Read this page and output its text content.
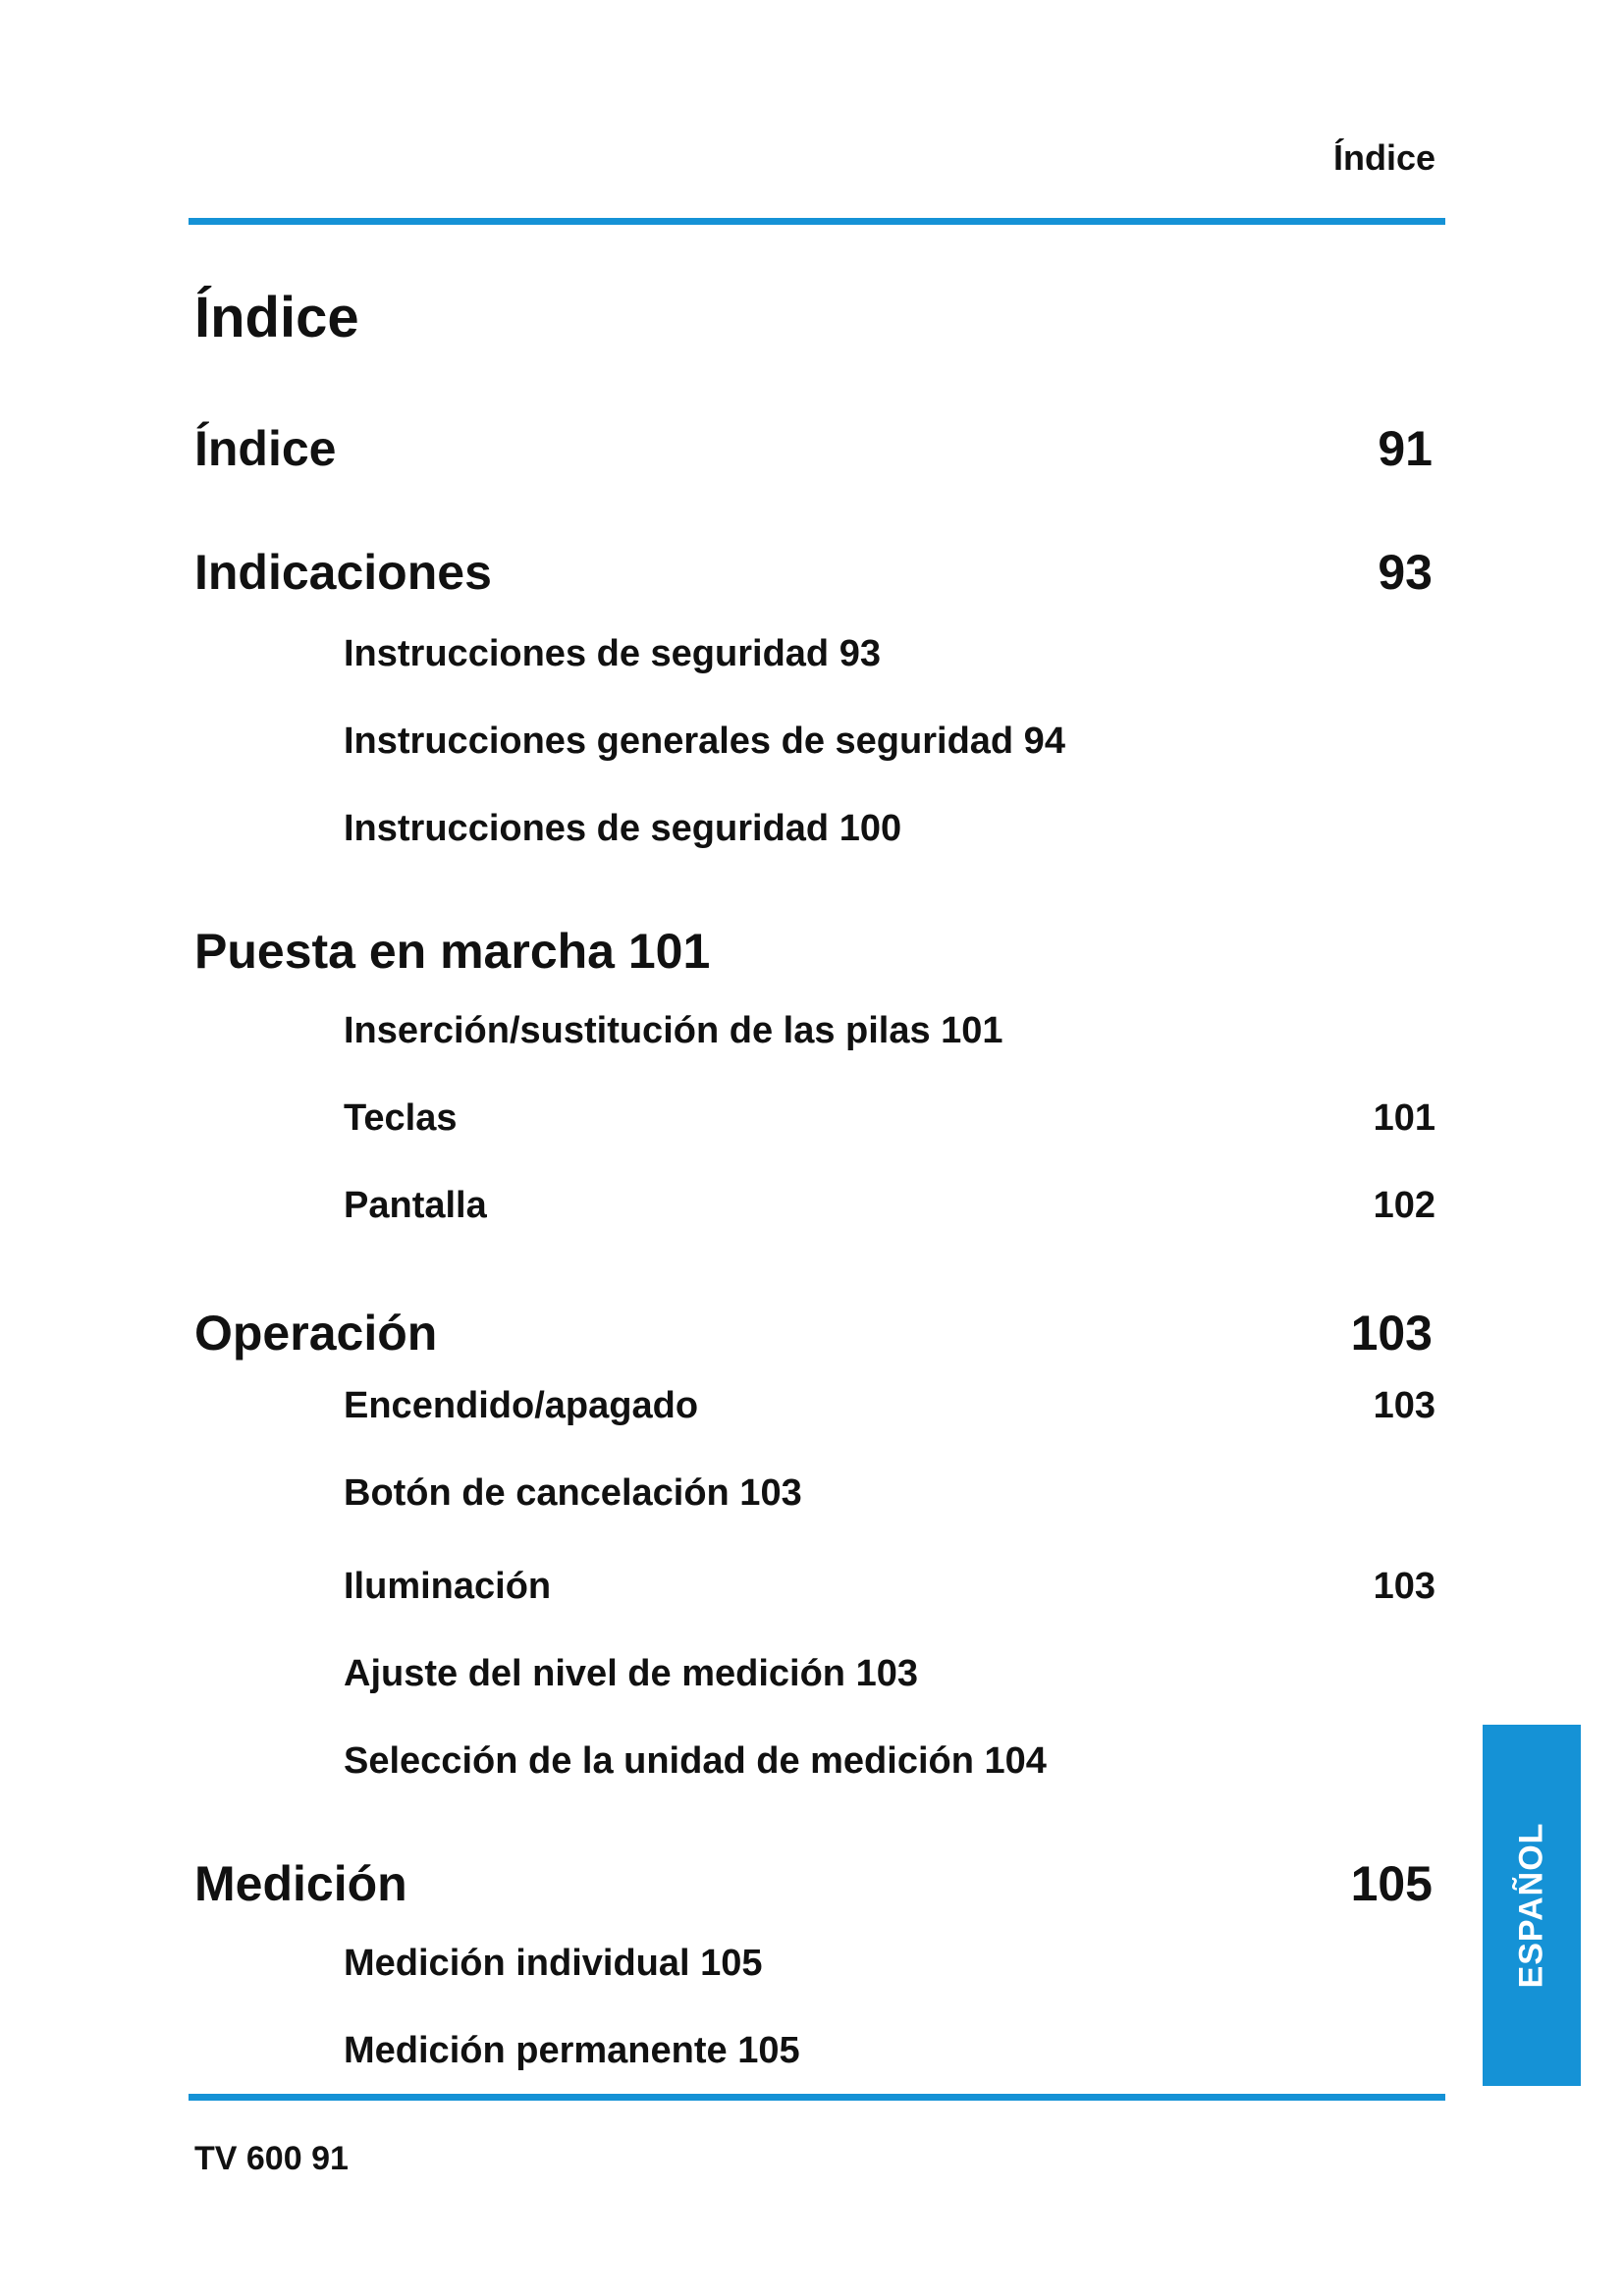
Índice
Índice
Índice	91
Indicaciones	93
Instrucciones de seguridad 93
Instrucciones generales de seguridad 94
Instrucciones de seguridad 100
Puesta en marcha 101
Inserción/sustitución de las pilas 101
Teclas	101
Pantalla	102
Operación	103
Encendido/apagado	103
Botón de cancelación 103
Iluminación	103
Ajuste del nivel de medición 103
Selección de la unidad de medición 104
Medición	105
Medición individual 105
Medición permanente 105
TV 600 91
ESPAÑOL
